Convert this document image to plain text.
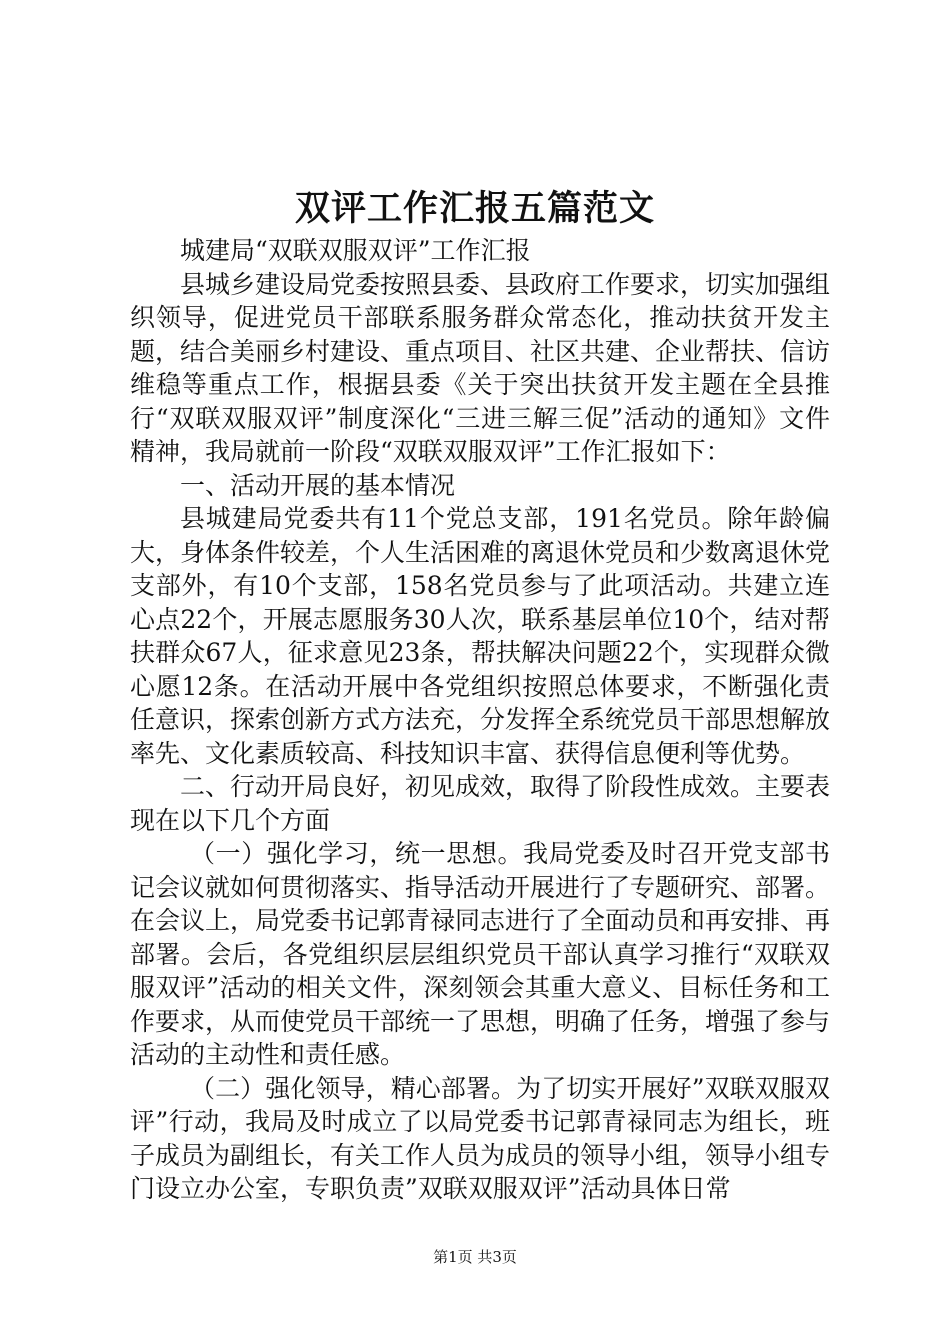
双评工作汇报五篇范文

城建局“双联双服双评”工作汇报

县城乡建设局党委按照县委、县政府工作要求，切实加强组织领导，促进党员干部联系服务群众常态化，推动扶贫开发主题，结合美丽乡村建设、重点项目、社区共建、企业帮扶、信访维稳等重点工作，根据县委《关于突出扶贫开发主题在全县推行“双联双服双评”制度深化“三进三解三促”活动的通知》文件精神，我局就前一阶段“双联双服双评”工作汇报如下：

一、活动开展的基本情况

县城建局党委共有11个党总支部，191名党员。除年龄偏大，身体条件较差，个人生活困难的离退休党员和少数离退休党支部外，有10个支部，158名党员参与了此项活动。共建立连心点22个，开展志愿服务30人次，联系基层单位10个，结对帮扶群众67人，征求意见23条，帮扶解决问题22个，实现群众微心愿12条。在活动开展中各党组织按照总体要求，不断强化责任意识，探索创新方式方法充，分发挥全系统党员干部思想解放率先、文化素质较高、科技知识丰富、获得信息便利等优势。

二、行动开局良好，初见成效，取得了阶段性成效。主要表现在以下几个方面

（一）强化学习，统一思想。我局党委及时召开党支部书记会议就如何贯彻落实、指导活动开展进行了专题研究、部署。在会议上，局党委书记郭青禄同志进行了全面动员和再安排、再部署。会后，各党组织层层组织党员干部认真学习推行“双联双服双评”活动的相关文件，深刻领会其重大意义、目标任务和工作要求，从而使党员干部统一了思想，明确了任务，增强了参与活动的主动性和责任感。

（二）强化领导，精心部署。为了切实开展好”双联双服双评”行动，我局及时成立了以局党委书记郭青禄同志为组长，班子成员为副组长，有关工作人员为成员的领导小组，领导小组专门设立办公室，专职负责”双联双服双评”活动具体日常

第1页 共3页
